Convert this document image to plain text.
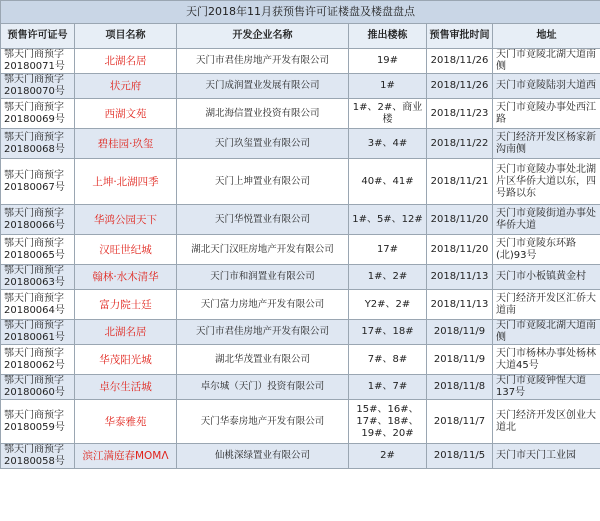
天门2018年11月获预售许可证楼盘及楼盘盘点					
预售许可证号	项目名称	开发企业名称	推出楼栋	预售审批时间	地址
鄂天门商预字20180071号	北湖名居	天门市君佳房地产开发有限公司	19#	2018/11/26	天门市竟陵北湖大道南侧
鄂天门商预字20180070号	状元府	天门成润置业发展有限公司	1#	2018/11/26	天门市竟陵陆羽大道西
鄂天门商预字20180069号	西湖文苑	湖北海信置业投资有限公司	1#、2#、商业楼	2018/11/23	天门市竟陵办事处西江路
鄂天门商预字20180068号	碧桂园·玖玺	天门玖玺置业有限公司	3#、4#	2018/11/22	天门经济开发区杨家新沟南侧
鄂天门商预字20180067号	上坤·北湖四季	天门上坤置业有限公司	40#、41#	2018/11/21	天门市竟陵办事处北湖片区华侨大道以东，四号路以东
鄂天门商预字20180066号	华鸿公园天下	天门华悦置业有限公司	1#、5#、12#	2018/11/20	天门市竟陵街道办事处华侨大道
鄂天门商预字20180065号	汉旺世纪城	湖北天门汉旺房地产开发有限公司	17#	2018/11/20	天门市竟陵东环路(北)93号
鄂天门商预字20180063号	翰林·水木清华	天门市和润置业有限公司	1#、2#	2018/11/13	天门市小板镇黄金村
鄂天门商预字20180064号	富力院士廷	天门富力房地产开发有限公司	Y2#、2#	2018/11/13	天门经济开发区汇侨大道南
鄂天门商预字20180061号	北湖名居	天门市君佳房地产开发有限公司	17#、18#	2018/11/9	天门市竟陵北湖大道南侧
鄂天门商预字20180062号	华茂阳光城	湖北华茂置业有限公司	7#、8#	2018/11/9	天门市杨林办事处杨林大道45号
鄂天门商预字20180060号	卓尔生活城	卓尔城（天门）投资有限公司	1#、7#	2018/11/8	天门市竟陵钟惺大道137号
鄂天门商预字20180059号	华泰雅苑	天门华泰房地产开发有限公司	15#、16#、17#、18#、19#、20#	2018/11/7	天门经济开发区创业大道北
鄂天门商预字20180058号	滨江满庭春MOMΛ	仙桃深绿置业有限公司	2#	2018/11/5	天门市天门工业园
